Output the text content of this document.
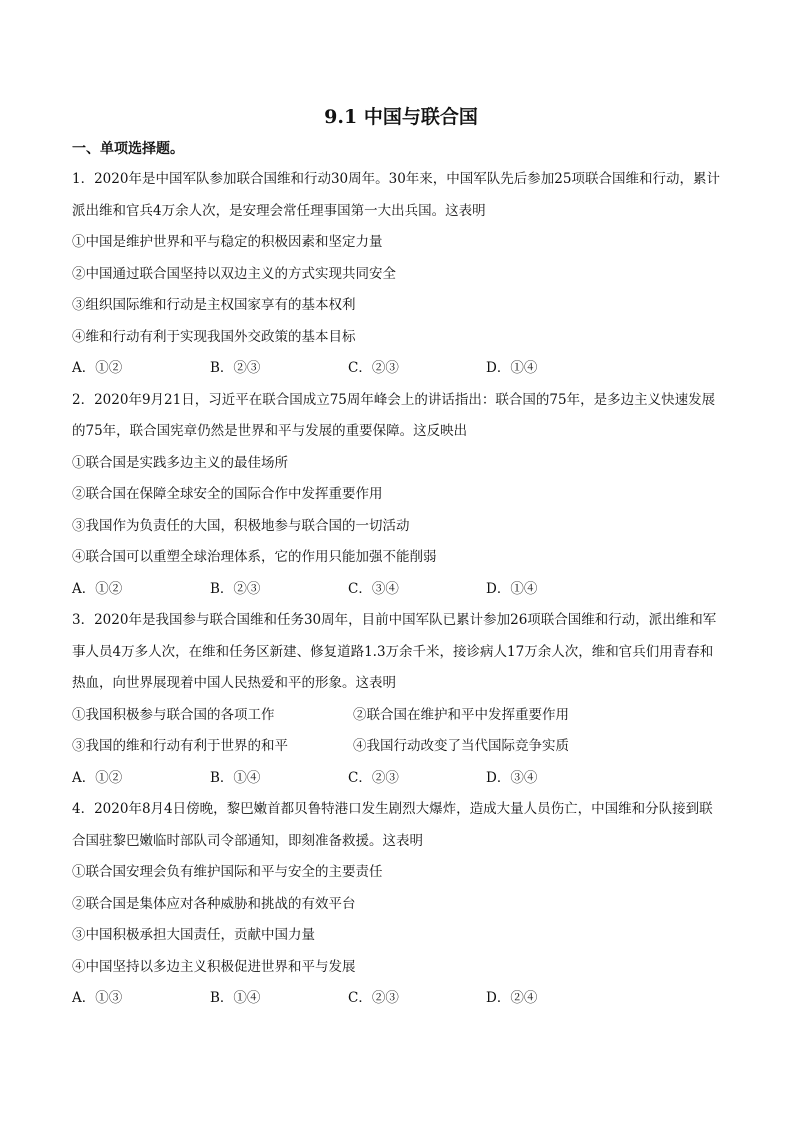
9.1 中国与联合国
一、单项选择题。
1．2020年是中国军队参加联合国维和行动30周年。30年来，中国军队先后参加25项联合国维和行动，累计派出维和官兵4万余人次，是安理会常任理事国第一大出兵国。这表明
①中国是维护世界和平与稳定的积极因素和坚定力量
②中国通过联合国坚持以双边主义的方式实现共同安全
③组织国际维和行动是主权国家享有的基本权利
④维和行动有利于实现我国外交政策的基本目标
A．①②	B．②③	C．②③	D．①④
2．2020年9月21日，习近平在联合国成立75周年峰会上的讲话指出：联合国的75年，是多边主义快速发展的75年，联合国宪章仍然是世界和平与发展的重要保障。这反映出
①联合国是实践多边主义的最佳场所
②联合国在保障全球安全的国际合作中发挥重要作用
③我国作为负责任的大国，积极地参与联合国的一切活动
④联合国可以重塑全球治理体系，它的作用只能加强不能削弱
A．①②	B．②③	C．③④	D．①④
3．2020年是我国参与联合国维和任务30周年，目前中国军队已累计参加26项联合国维和行动，派出维和军事人员4万多人次，在维和任务区新建、修复道路1.3万余千米，接诊病人17万余人次，维和官兵们用青春和热血，向世界展现着中国人民热爱和平的形象。这表明
①我国积极参与联合国的各项工作	②联合国在维护和平中发挥重要作用
③我国的维和行动有利于世界的和平	④我国行动改变了当代国际竞争实质
A．①②	B．①④	C．②③	D．③④
4．2020年8月4日傍晚，黎巴嫩首都贝鲁特港口发生剧烈大爆炸，造成大量人员伤亡，中国维和分队接到联合国驻黎巴嫩临时部队司令部通知，即刻准备救援。这表明
①联合国安理会负有维护国际和平与安全的主要责任
②联合国是集体应对各种威胁和挑战的有效平台
③中国积极承担大国责任，贡献中国力量
④中国坚持以多边主义积极促进世界和平与发展
A．①③	B．①④	C．②③	D．②④
